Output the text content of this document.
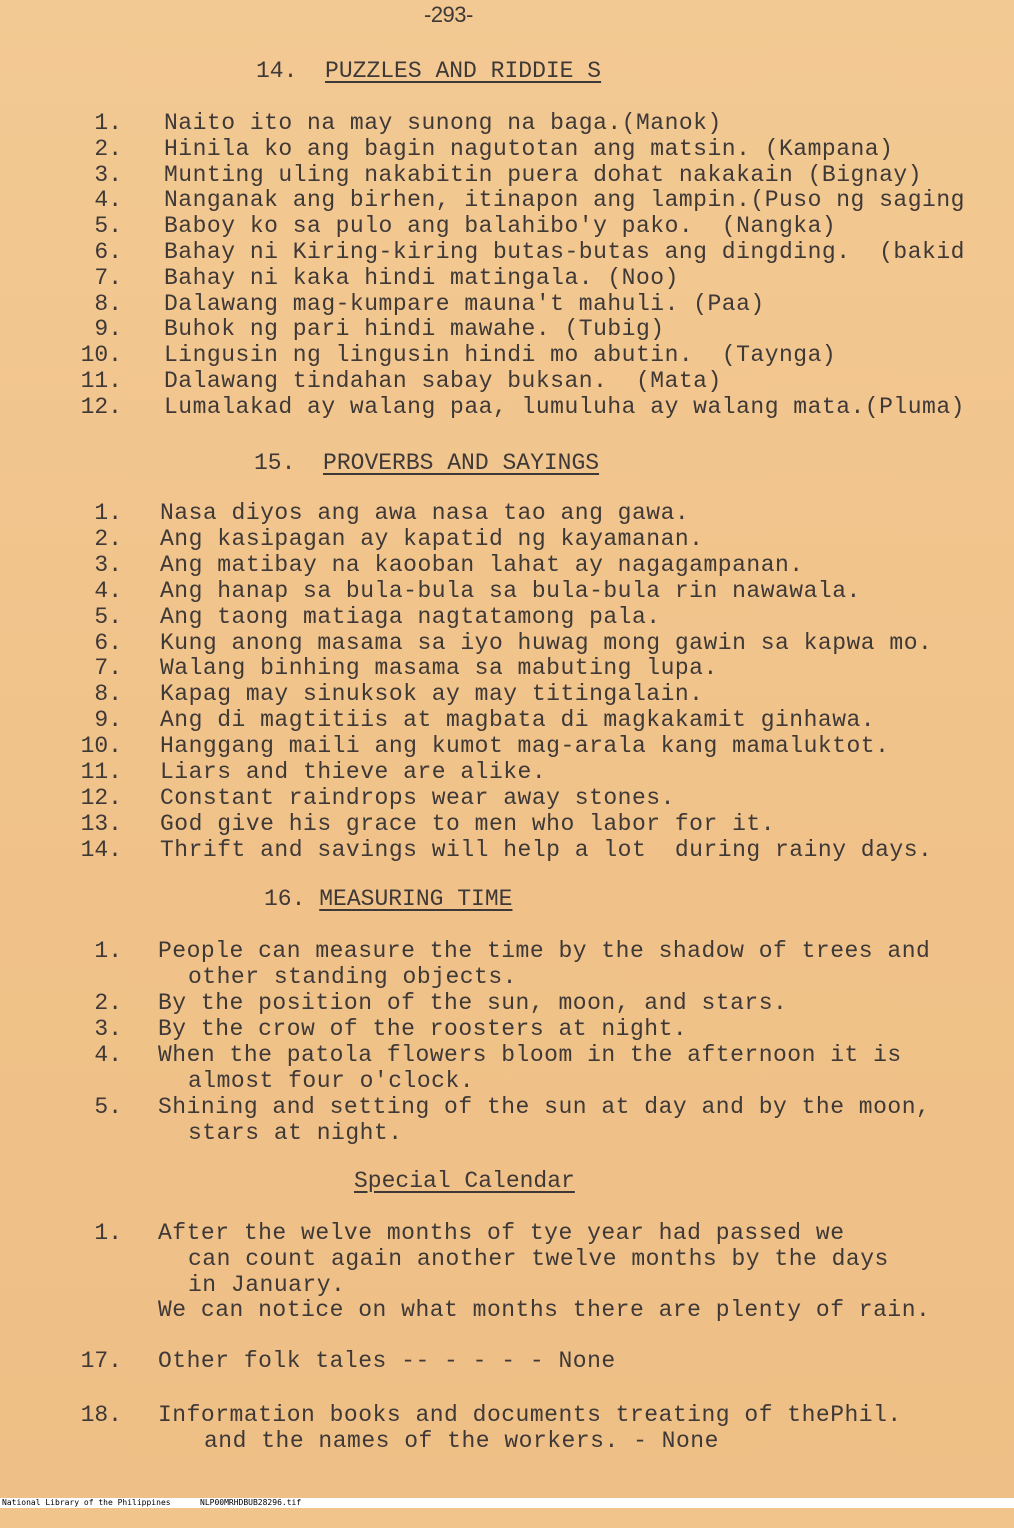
-293-
14. PUZZLES AND RIDDIE S
1. Naito ito na may sunong na baga.(Manok)
2. Hinila ko ang bagin nagutotan ang matsin. (Kampana)
3. Munting uling nakabitin puera dohat nakakain (Bignay)
4. Nanganak ang birhen, itinapon ang lampin.(Puso ng saging
5. Baboy ko sa pulo ang balahibo'y pako.  (Nangka)
6. Bahay ni Kiring-kiring butas-butas ang dingding.  (bakid
7. Bahay ni kaka hindi matingala. (Noo)
8. Dalawang mag-kumpare mauna't mahuli. (Paa)
9. Buhok ng pari hindi mawahe. (Tubig)
10. Lingusin ng lingusin hindi mo abutin.  (Taynga)
11. Dalawang tindahan sabay buksan.  (Mata)
12. Lumalakad ay walang paa, lumuluha ay walang mata.(Pluma)
15. PROVERBS AND SAYINGS
1. Nasa diyos ang awa nasa tao ang gawa.
2. Ang kasipagan ay kapatid ng kayamanan.
3. Ang matibay na kaooban lahat ay nagagampanan.
4. Ang hanap sa bula-bula sa bula-bula rin nawawala.
5. Ang taong matiaga nagtatamong pala.
6. Kung anong masama sa iyo huwag mong gawin sa kapwa mo.
7. Walang binhing masama sa mabuting lupa.
8. Kapag may sinuksok ay may titingalain.
9. Ang di magtitiis at magbata di magkakamit ginhawa.
10. Hanggang maili ang kumot mag-arala kang mamaluktot.
11. Liars and thieve are alike.
12. Constant raindrops wear away stones.
13. God give his grace to men who labor for it.
14. Thrift and savings will help a lot  during rainy days.
16. MEASURING TIME
1. People can measure the time by the shadow of trees and
other standing objects.
2. By the position of the sun, moon, and stars.
3. By the crow of the roosters at night.
4. When the patola flowers bloom in the afternoon it is
almost four o'clock.
5. Shining and setting of the sun at day and by the moon,
stars at night.
Special Calendar
1. After the welve months of tye year had passed we
can count again another twelve months by the days
in January.
We can notice on what months there are plenty of rain.
17. Other folk tales -- - - - - None
18. Information books and documents treating of thePhil.
and the names of the workers. - None

National Library of the Philippines

	NLP00MRHDBUB28296.tif
